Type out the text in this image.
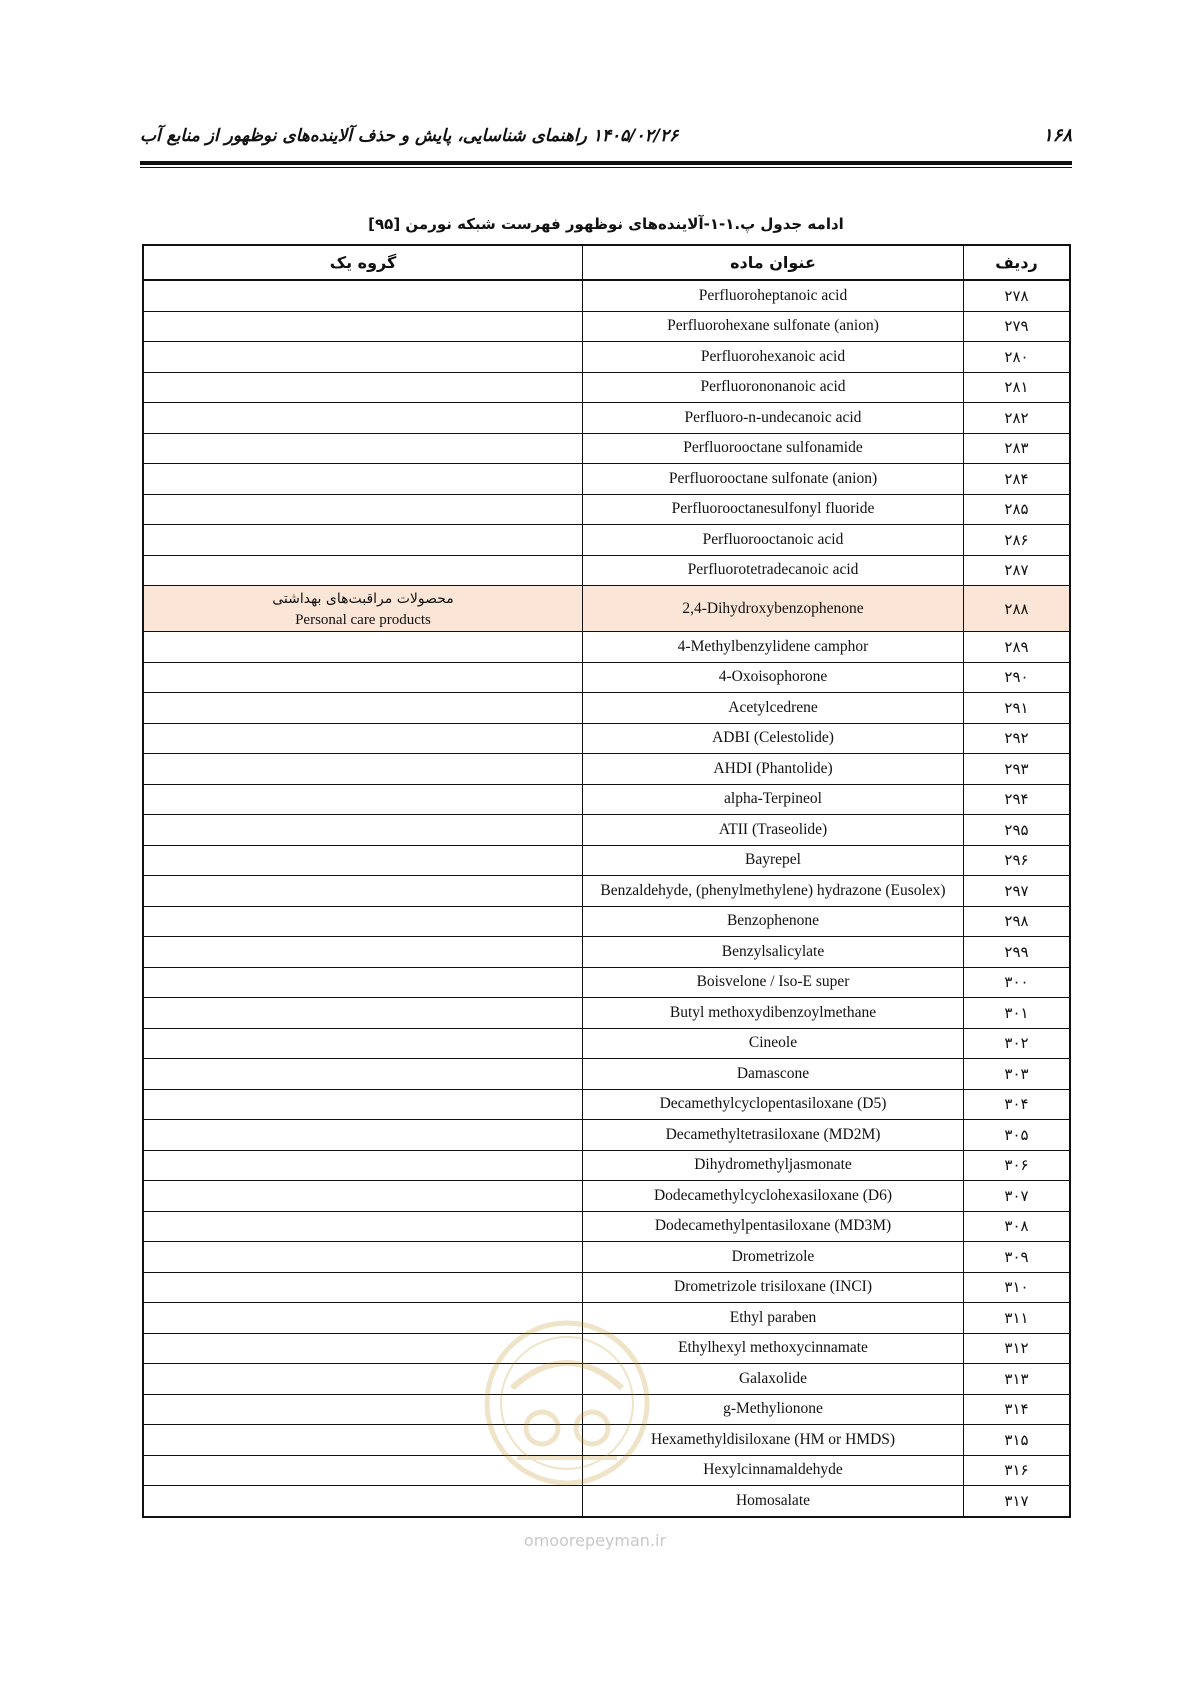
۱۶۸
۱۴۰۵/۰۲/۲۶ راهنمای شناسایی، پایش و حذف آلاینده‌های نوظهور از منابع آب
ادامه جدول پ.۱-۱-آلاینده‌های نوظهور فهرست شبکه نورمن [۹۵]
ردیف	عنوان ماده	گروه یک
۲۷۸	Perfluoroheptanoic acid	
۲۷۹	Perfluorohexane sulfonate (anion)	
۲۸۰	Perfluorohexanoic acid	
۲۸۱	Perfluorononanoic acid	
۲۸۲	Perfluoro-n-undecanoic acid	
۲۸۳	Perfluorooctane sulfonamide	
۲۸۴	Perfluorooctane sulfonate (anion)	
۲۸۵	Perfluorooctanesulfonyl fluoride	
۲۸۶	Perfluorooctanoic acid	
۲۸۷	Perfluorotetradecanoic acid	
۲۸۸	2,4-Dihydroxybenzophenone	محصولات مراقبت‌های بهداشتی
Personal care products

۲۸۹	4-Methylbenzylidene camphor	
۲۹۰	4-Oxoisophorone	
۲۹۱	Acetylcedrene	
۲۹۲	ADBI (Celestolide)	
۲۹۳	AHDI (Phantolide)	
۲۹۴	alpha-Terpineol	
۲۹۵	ATII (Traseolide)	
۲۹۶	Bayrepel	
۲۹۷	Benzaldehyde, (phenylmethylene) hydrazone (Eusolex)	
۲۹۸	Benzophenone	
۲۹۹	Benzylsalicylate	
۳۰۰	Boisvelone / Iso-E super	
۳۰۱	Butyl methoxydibenzoylmethane	
۳۰۲	Cineole	
۳۰۳	Damascone	
۳۰۴	Decamethylcyclopentasiloxane (D5)	
۳۰۵	Decamethyltetrasiloxane (MD2M)	
۳۰۶	Dihydromethyljasmonate	
۳۰۷	Dodecamethylcyclohexasiloxane (D6)	
۳۰۸	Dodecamethylpentasiloxane (MD3M)	
۳۰۹	Drometrizole	
۳۱۰	Drometrizole trisiloxane (INCI)	
۳۱۱	Ethyl paraben	
۳۱۲	Ethylhexyl methoxycinnamate	
۳۱۳	Galaxolide	
۳۱۴	g-Methylionone	
۳۱۵	Hexamethyldisiloxane (HM or HMDS)	
۳۱۶	Hexylcinnamaldehyde	
۳۱۷	Homosalate	
omoorepeyman.ir
